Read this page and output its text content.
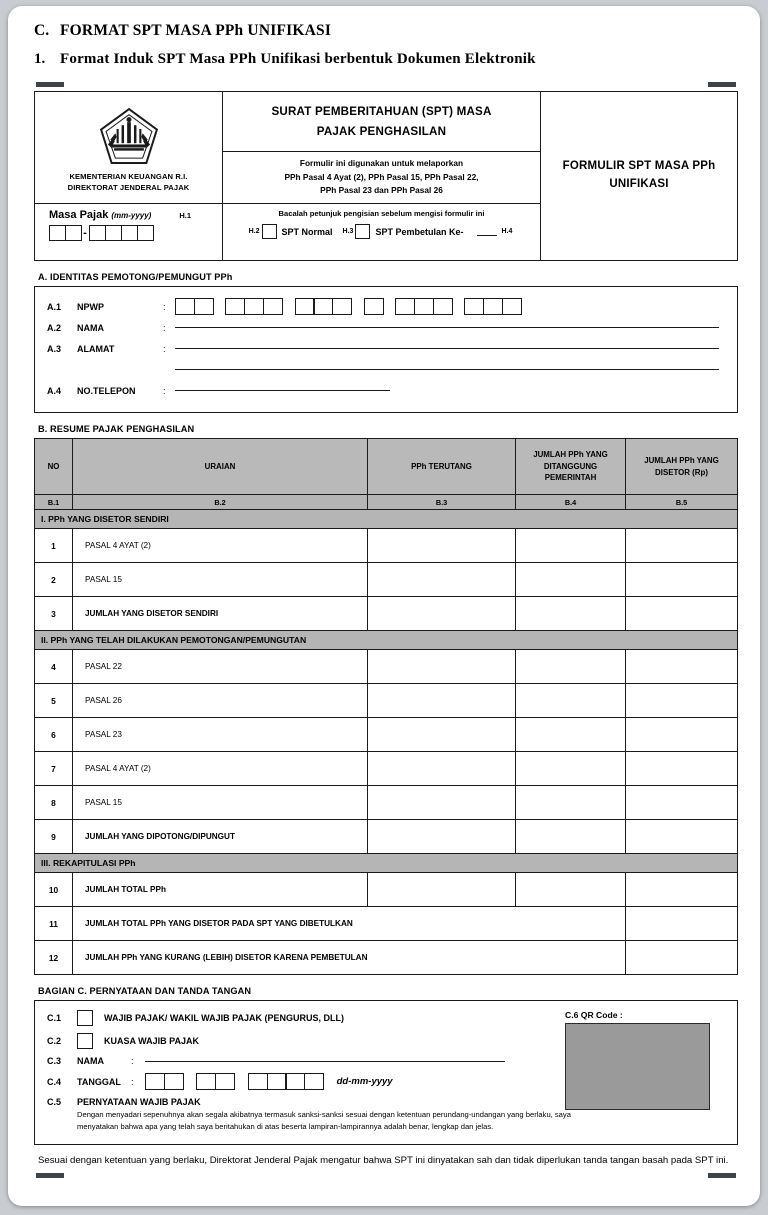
C. FORMAT SPT MASA PPh UNIFIKASI
1. Format Induk SPT Masa PPh Unifikasi berbentuk Dokumen Elektronik
KEMENTERIAN KEUANGAN R.I.
DIREKTORAT JENDERAL PAJAK
Masa Pajak (mm-yyyy)	H.1
-
SURAT PEMBERITAHUAN (SPT) MASA
PAJAK PENGHASILAN
Formulir ini digunakan untuk melaporkan
PPh Pasal 4 Ayat (2), PPh Pasal 15, PPh Pasal 22,
PPh Pasal 23 dan PPh Pasal 26
Bacalah petunjuk pengisian sebelum mengisi formulir ini
H.2 SPT Normal H.3 SPT Pembetulan Ke-	H.4
FORMULIR SPT MASA PPh
UNIFIKASI
A. IDENTITAS PEMOTONG/PEMUNGUT PPh
A.1	NPWP	:
A.2	NAMA	:
A.3	ALAMAT	:
A.4	NO.TELEPON	:
B. RESUME PAJAK PENGHASILAN
NO	URAIAN	PPh TERUTANG	JUMLAH PPh YANG DITANGGUNG PEMERINTAH	JUMLAH PPh YANG DISETOR (Rp)
B.1	B.2	B.3	B.4	B.5
I. PPh YANG DISETOR SENDIRI				
1	PASAL 4 AYAT (2)			
2	PASAL 15			
3	JUMLAH YANG DISETOR SENDIRI			
II. PPh YANG TELAH DILAKUKAN PEMOTONGAN/PEMUNGUTAN				
4	PASAL 22			
5	PASAL 26			
6	PASAL 23			
7	PASAL 4 AYAT (2)			
8	PASAL 15			
9	JUMLAH YANG DIPOTONG/DIPUNGUT			
III. REKAPITULASI PPh				
10	JUMLAH TOTAL PPh			
11	JUMLAH TOTAL PPh YANG DISETOR PADA SPT YANG DIBETULKAN			
12	JUMLAH PPh YANG KURANG (LEBIH) DISETOR KARENA PEMBETULAN			
BAGIAN C. PERNYATAAN DAN TANDA TANGAN
C.6 QR Code :
C.1	WAJIB PAJAK/ WAKIL WAJIB PAJAK (PENGURUS, DLL)
C.2	KUASA WAJIB PAJAK
C.3	NAMA	:
C.4	TANGGAL	:	dd-mm-yyyy
C.5	PERNYATAAN WAJIB PAJAK
Dengan menyadari sepenuhnya akan segala akibatnya termasuk sanksi-sanksi sesuai dengan ketentuan perundang-undangan yang berlaku, saya menyatakan bahwa apa yang telah saya beritahukan di atas beserta lampiran-lampirannya adalah benar, lengkap dan jelas.
Sesuai dengan ketentuan yang berlaku, Direktorat Jenderal Pajak mengatur bahwa SPT ini dinyatakan sah dan tidak diperlukan tanda tangan basah pada SPT ini.
